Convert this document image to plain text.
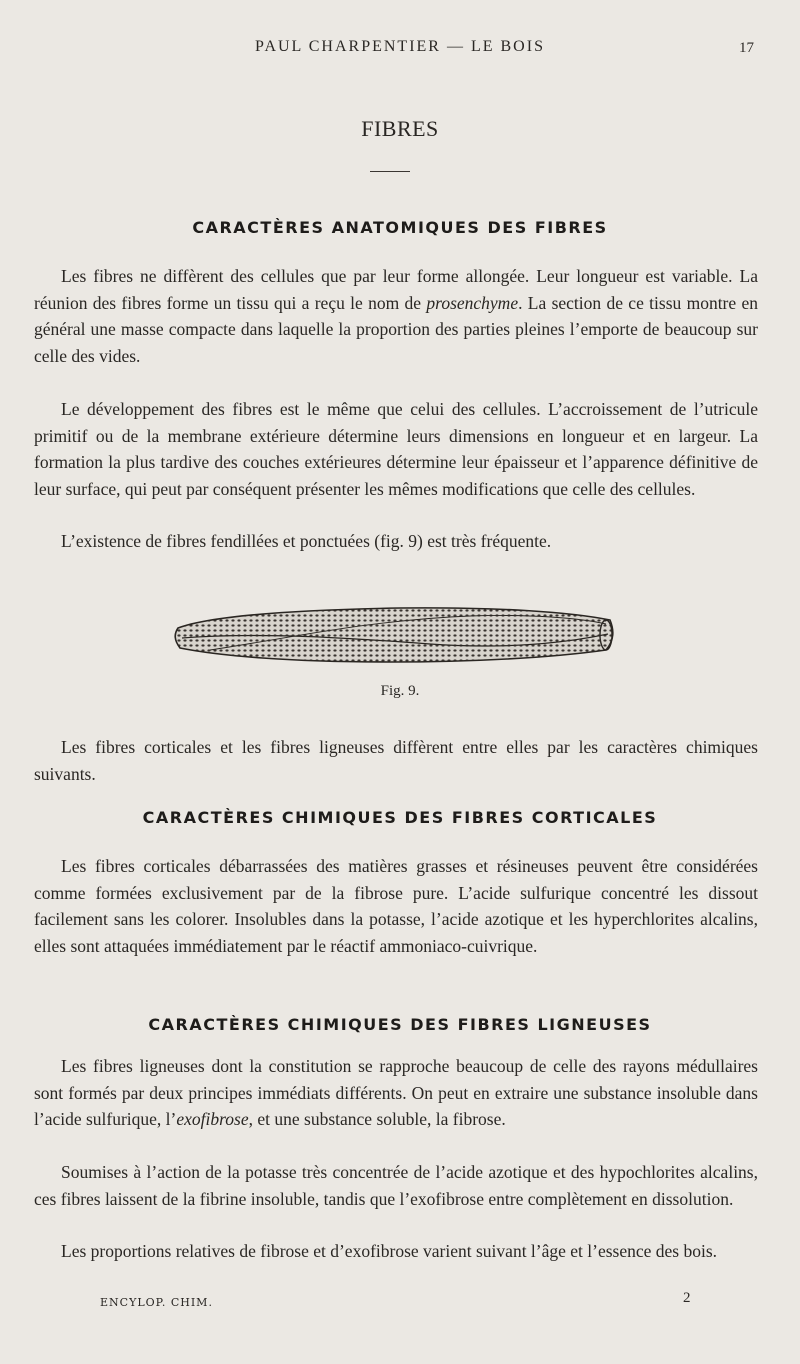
PAUL CHARPENTIER — LE BOIS	17
FIBRES
CARACTÈRES ANATOMIQUES DES FIBRES

Les fibres ne diffèrent des cellules que par leur forme allongée. Leur longueur est variable. La réunion des fibres forme un tissu qui a reçu le nom de prosenchyme. La section de ce tissu montre en général une masse compacte dans laquelle la proportion des parties pleines l’emporte de beaucoup sur celle des vides.

Le développement des fibres est le même que celui des cellules. L’accroissement de l’utricule primitif ou de la membrane extérieure détermine leurs dimensions en longueur et en largeur. La formation la plus tardive des couches extérieures détermine leur épaisseur et l’apparence définitive de leur surface, qui peut par conséquent présenter les mêmes modifications que celle des cellules.

L’existence de fibres fendillées et ponctuées (fig. 9) est très fréquente.

Fig. 9.

Les fibres corticales et les fibres ligneuses diffèrent entre elles par les caractères chimiques suivants.

CARACTÈRES CHIMIQUES DES FIBRES CORTICALES

Les fibres corticales débarrassées des matières grasses et résineuses peuvent être considérées comme formées exclusivement par de la fibrose pure. L’acide sulfurique concentré les dissout facilement sans les colorer. Insolubles dans la potasse, l’acide azotique et les hyperchlorites alcalins, elles sont attaquées immédiatement par le réactif ammoniaco-cuivrique.

CARACTÈRES CHIMIQUES DES FIBRES LIGNEUSES

Les fibres ligneuses dont la constitution se rapproche beaucoup de celle des rayons médullaires sont formés par deux principes immédiats différents. On peut en extraire une substance insoluble dans l’acide sulfurique, l’exofibrose, et une substance soluble, la fibrose.

Soumises à l’action de la potasse très concentrée de l’acide azotique et des hypochlorites alcalins, ces fibres laissent de la fibrine insoluble, tandis que l’exofibrose entre complètement en dissolution.

Les proportions relatives de fibrose et d’exofibrose varient suivant l’âge et l’essence des bois.

ENCYLOP. CHIM.	2
